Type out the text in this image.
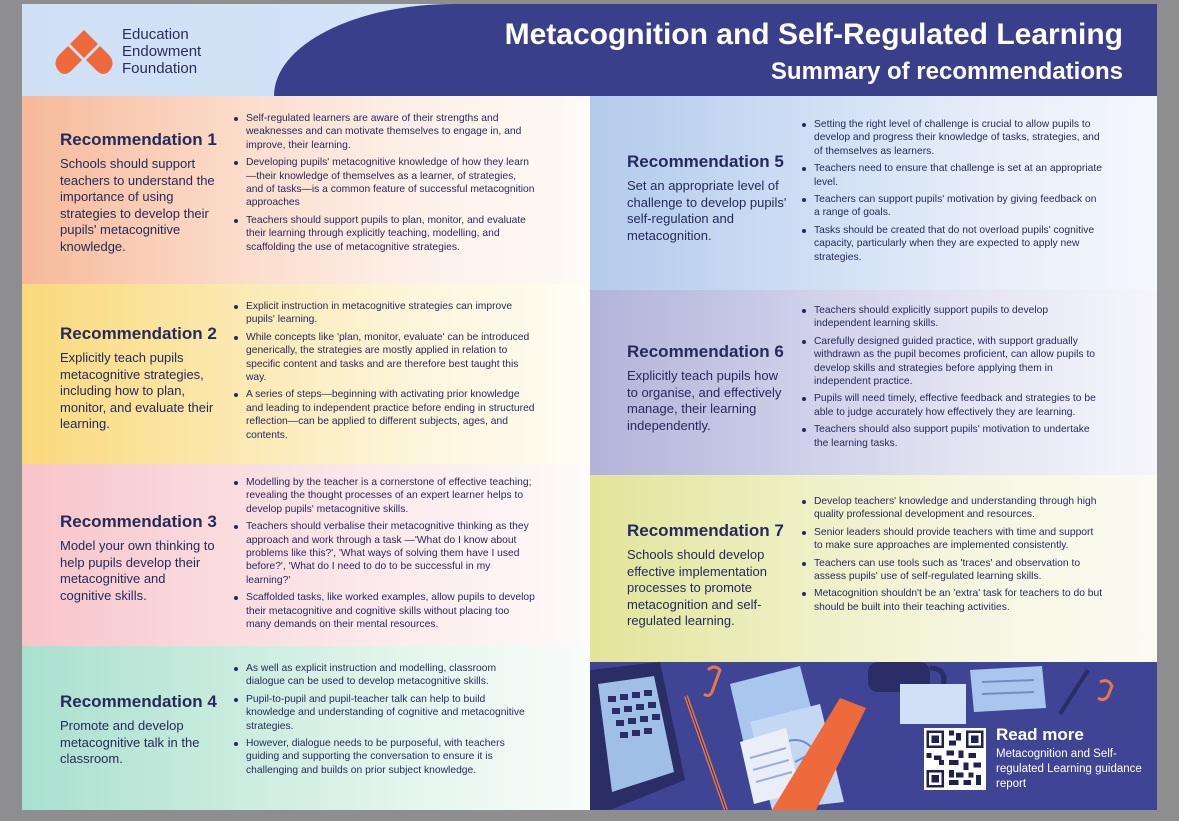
Education
Endowment
Foundation
Metacognition and Self-Regulated Learning
Summary of recommendations
Recommendation 1

Schools should support teachers to understand the importance of using strategies to develop their pupils' metacognitive knowledge.

Self-regulated learners are aware of their strengths and weaknesses and can motivate themselves to engage in, and improve, their learning.
Developing pupils' metacognitive knowledge of how they learn—their knowledge of themselves as a learner, of strategies, and of tasks—is a common feature of successful metacognition approaches
Teachers should support pupils to plan, monitor, and evaluate their learning through explicitly teaching, modelling, and scaffolding the use of metacognitive strategies.
Recommendation 2

Explicitly teach pupils metacognitive strategies, including how to plan, monitor, and evaluate their learning.

Explicit instruction in metacognitive strategies can improve pupils' learning.
While concepts like 'plan, monitor, evaluate' can be introduced generically, the strategies are mostly applied in relation to specific content and tasks and are therefore best taught this way.
A series of steps—beginning with activating prior knowledge and leading to independent practice before ending in structured reflection—can be applied to different subjects, ages, and contents.
Recommendation 3

Model your own thinking to help pupils develop their metacognitive and cognitive skills.

Modelling by the teacher is a cornerstone of effective teaching; revealing the thought processes of an expert learner helps to develop pupils' metacognitive skills.
Teachers should verbalise their metacognitive thinking as they approach and work through a task —'What do I know about problems like this?', 'What ways of solving them have I used before?', 'What do I need to do to be successful in my learning?'
Scaffolded tasks, like worked examples, allow pupils to develop their metacognitive and cognitive skills without placing too many demands on their mental resources.
Recommendation 4

Promote and develop metacognitive talk in the classroom.

As well as explicit instruction and modelling, classroom dialogue can be used to develop metacognitive skills.
Pupil-to-pupil and pupil-teacher talk can help to build knowledge and understanding of cognitive and metacognitive strategies.
However, dialogue needs to be purposeful, with teachers guiding and supporting the conversation to ensure it is challenging and builds on prior subject knowledge.
Recommendation 5

Set an appropriate level of challenge to develop pupils' self-regulation and metacognition.

Setting the right level of challenge is crucial to allow pupils to develop and progress their knowledge of tasks, strategies, and of themselves as learners.
Teachers need to ensure that challenge is set at an appropriate level.
Teachers can support pupils' motivation by giving feedback on a range of goals.
Tasks should be created that do not overload pupils' cognitive capacity, particularly when they are expected to apply new strategies.
Recommendation 6

Explicitly teach pupils how to organise, and effectively manage, their learning independently.

Teachers should explicitly support pupils to develop independent learning skills.
Carefully designed guided practice, with support gradually withdrawn as the pupil becomes proficient, can allow pupils to develop skills and strategies before applying them in independent practice.
Pupils will need timely, effective feedback and strategies to be able to judge accurately how effectively they are learning.
Teachers should also support pupils' motivation to undertake the learning tasks.
Recommendation 7

Schools should develop effective implementation processes to promote metacognition and self-regulated learning.

Develop teachers' knowledge and understanding through high quality professional development and resources.
Senior leaders should provide teachers with time and support to make sure approaches are implemented consistently.
Teachers can use tools such as 'traces' and observation to assess pupils' use of self-regulated learning skills.
Metacognition shouldn't be an 'extra' task for teachers to do but should be built into their teaching activities.
Read more
Metacognition and Self-regulated Learning guidance report
